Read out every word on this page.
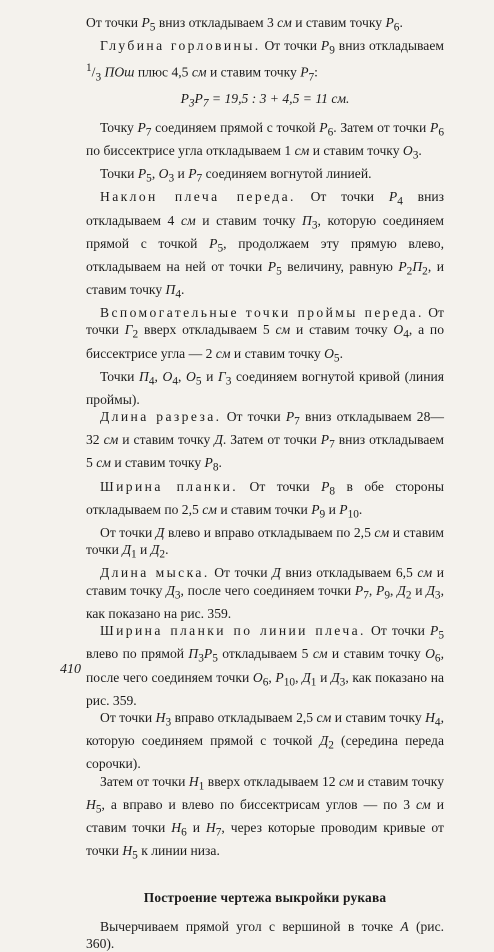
От точки $P_5$ вниз откладываем 3 см и ставим точку $P_6$.

Глубина горловины. От точки $P_9$ вниз откладываем $^1/_3$ ПОш плюс 4,5 см и ставим точку $P_7$:

$P_3P_7 = 19,5$ : 3 + 4,5 = 11 см.

Точку $P_7$ соединяем прямой с точкой $P_6$. Затем от точки $P_6$ по биссектрисе угла откладываем 1 см и ставим точку $O_3$.

Точки $P_5$, $O_3$ и $P_7$ соединяем вогнутой линией.

Наклон плеча переда. От точки $P_4$ вниз откладываем 4 см и ставим точку $П_3$, которую соединяем прямой с точкой $P_5$, продолжаем эту прямую влево, откладываем на ней от точки $P_5$ величину, равную $P_2П_2$, и ставим точку $П_4$.

Вспомогательные точки проймы переда. От точки $Г_2$ вверх откладываем 5 см и ставим точку $O_4$, а по биссектрисе угла — 2 см и ставим точку $O_5$.

Точки $П_4$, $O_4$, $O_5$ и $Г_3$ соединяем вогнутой кривой (линия проймы).

Длина разреза. От точки $P_7$ вниз откладываем 28—32 см и ставим точку Д. Затем от точки $P_7$ вниз откладываем 5 см и ставим точку $P_8$.

Ширина планки. От точки $P_8$ в обе стороны откладываем по 2,5 см и ставим точки $P_9$ и $P_{10}$.

От точки Д влево и вправо откладываем по 2,5 см и ставим точки $Д_1$ и $Д_2$.

Длина мыска. От точки Д вниз откладываем 6,5 см и ставим точку $Д_3$, после чего соединяем точки $P_7$, $P_9$, $Д_2$ и $Д_3$, как показано на рис. 359.

Ширина планки по линии плеча. От точки $P_5$ влево по прямой $П_3P_5$ откладываем 5 см и ставим точку $O_6$, после чего соединяем точки $O_6$, $P_{10}$, $Д_1$ и $Д_3$, как показано на рис. 359.

От точки $H_3$ вправо откладываем 2,5 см и ставим точку $H_4$, которую соединяем прямой с точкой $Д_2$ (середина переда сорочки).

Затем от точки $H_1$ вверх откладываем 12 см и ставим точку $H_5$, а вправо и влево по биссектрисам углов — по 3 см и ставим точки $H_6$ и $H_7$, через которые проводим кривые от точки $H_5$ к линии низа.

Построение чертежа выкройки рукава

Вычерчиваем прямой угол с вершиной в точке A (рис. 360).

410
